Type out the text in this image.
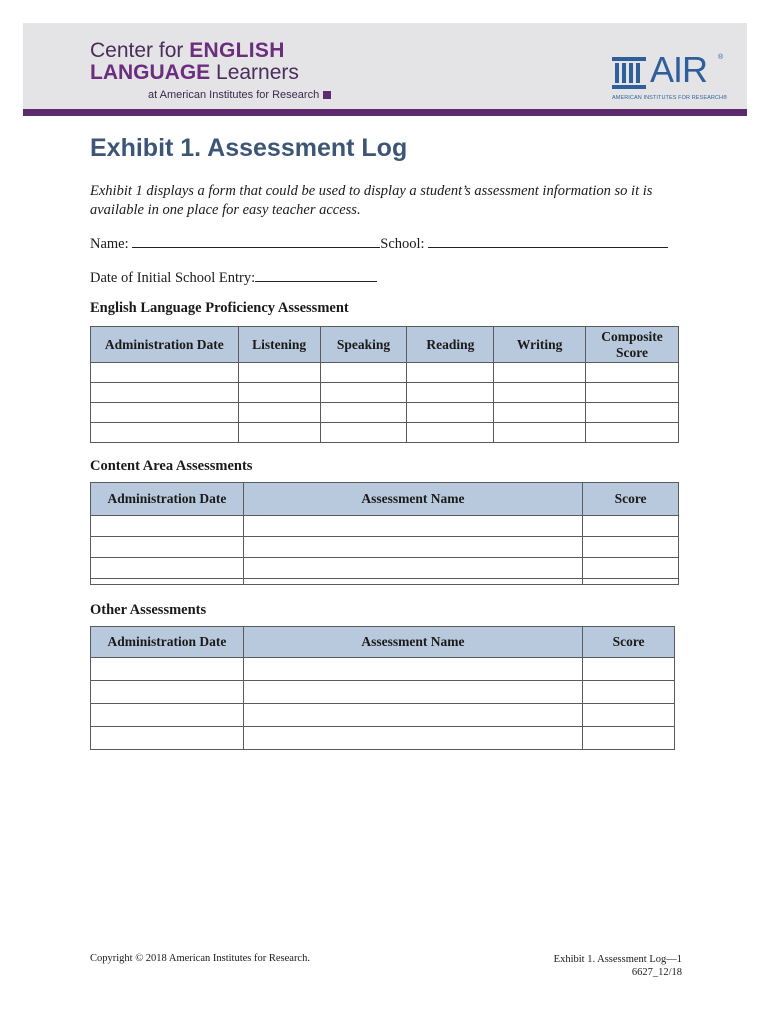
Center for ENGLISH
LANGUAGE Learners
at American Institutes for Research
AIR ®
AMERICAN INSTITUTES FOR RESEARCH®
Exhibit 1. Assessment Log
Exhibit 1 displays a form that could be used to display a student’s assessment information so it is available in one place for easy teacher access.
Name:	School:
Date of Initial School Entry:
English Language Proficiency Assessment
Administration Date	Listening	Speaking	Reading	Writing	Composite
Score

Content Area Assessments
Administration Date	Assessment Name	Score

Other Assessments
Administration Date	Assessment Name	Score

Copyright © 2018 American Institutes for Research.	Exhibit 1. Assessment Log—1
6627_12/18
